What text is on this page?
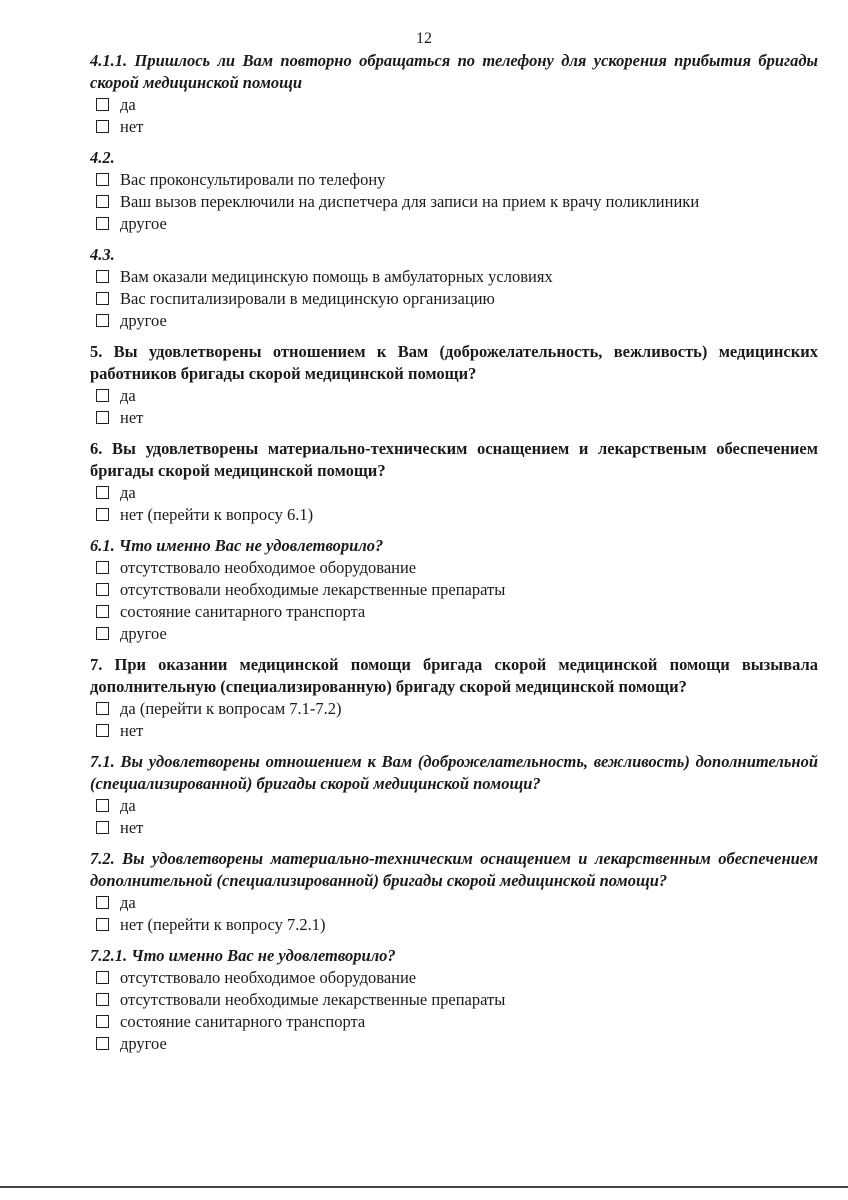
12

4.1.1. Пришлось ли Вам повторно обращаться по телефону для ускорения прибытия бригады скорой медицинской помощи

да
нет

4.2.

Вас проконсультировали по телефону
Ваш вызов переключили на диспетчера для записи на прием к врачу поликлиники
другое

4.3.

Вам оказали медицинскую помощь в амбулаторных условиях
Вас госпитализировали в медицинскую организацию
другое

5. Вы удовлетворены отношением к Вам (доброжелательность, вежливость) медицинских работников бригады скорой медицинской помощи?

да
нет

6. Вы удовлетворены материально-техническим оснащением и лекарственым обеспечением бригады скорой медицинской помощи?

да
нет (перейти к вопросу 6.1)

6.1. Что именно Вас не удовлетворило?

отсутствовало необходимое оборудование
отсутствовали необходимые лекарственные препараты
состояние санитарного транспорта
другое

7. При оказании медицинской помощи бригада скорой медицинской помощи вызывала дополнительную (специализированную) бригаду скорой медицинской помощи?

да (перейти к вопросам 7.1-7.2)
нет

7.1. Вы удовлетворены отношением к Вам (доброжелательность, вежливость) дополнительной (специализированной) бригады скорой медицинской помощи?

да
нет

7.2. Вы удовлетворены материально-техническим оснащением и лекарственным обеспечением дополнительной (специализированной) бригады скорой медицинской помощи?

да
нет (перейти к вопросу 7.2.1)

7.2.1. Что именно Вас не удовлетворило?

отсутствовало необходимое оборудование
отсутствовали необходимые лекарственные препараты
состояние санитарного транспорта
другое
